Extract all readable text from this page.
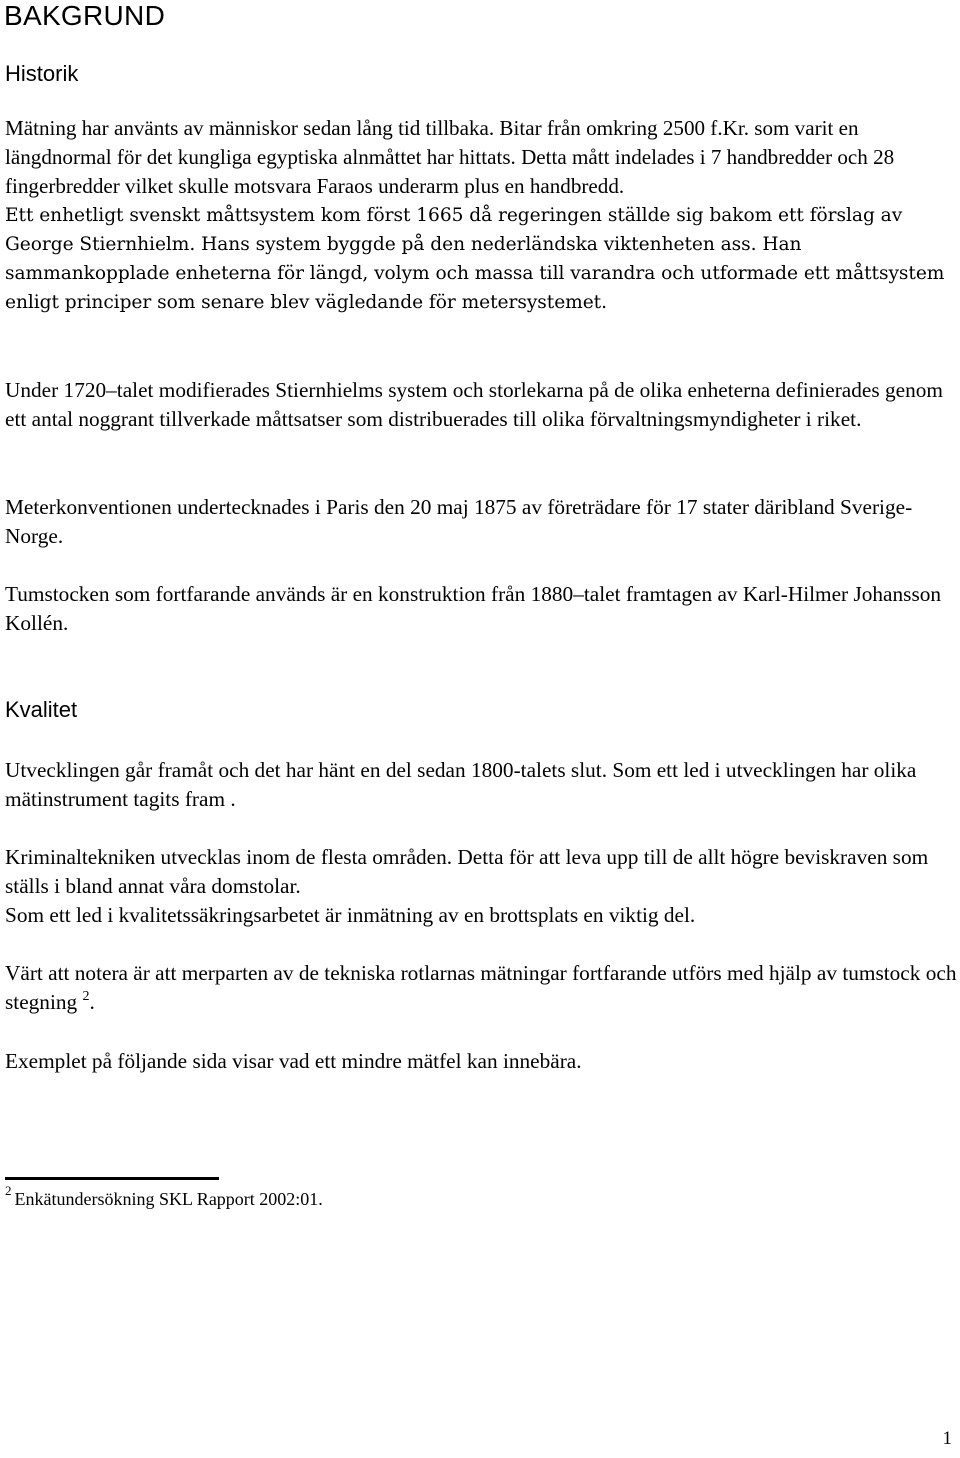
BAKGRUND
Historik
Mätning har använts av människor sedan lång tid tillbaka. Bitar från omkring 2500 f.Kr. som varit en längdnormal för det kungliga egyptiska alnmåttet har hittats. Detta mått indelades i 7 handbredder och 28 fingerbredder vilket skulle motsvara Faraos underarm plus en handbredd.
Ett enhetligt svenskt måttsystem kom först 1665 då regeringen ställde sig bakom ett förslag av George Stiernhielm. Hans system byggde på den nederländska viktenheten ass. Han sammankopplade enheterna för längd, volym och massa till varandra och utformade ett måttsystem enligt principer som senare blev vägledande för metersystemet.
Under 1720–talet modifierades Stiernhielms system och storlekarna på de olika enheterna definierades genom ett antal noggrant tillverkade måttsatser som distribuerades till olika förvaltningsmyndigheter i riket.
Meterkonventionen undertecknades i Paris den 20 maj 1875 av företrädare för 17 stater däribland Sverige-Norge.
Tumstocken som fortfarande används är en konstruktion från 1880–talet framtagen av Karl-Hilmer Johansson Kollén.
Kvalitet
Utvecklingen går framåt och det har hänt en del sedan 1800-talets slut. Som ett led i utvecklingen har olika mätinstrument tagits fram .
Kriminaltekniken utvecklas inom de flesta områden. Detta för att leva upp till de allt högre beviskraven som ställs i bland annat våra domstolar.
Som ett led i kvalitetssäkringsarbetet är inmätning av en brottsplats en viktig del.
Värt att notera är att merparten av de tekniska rotlarnas mätningar fortfarande utförs med hjälp av tumstock och stegning $^2$.
Exemplet på följande sida visar vad ett mindre mätfel kan innebära.
$^2$ Enkätundersökning SKL Rapport 2002:01.
1
